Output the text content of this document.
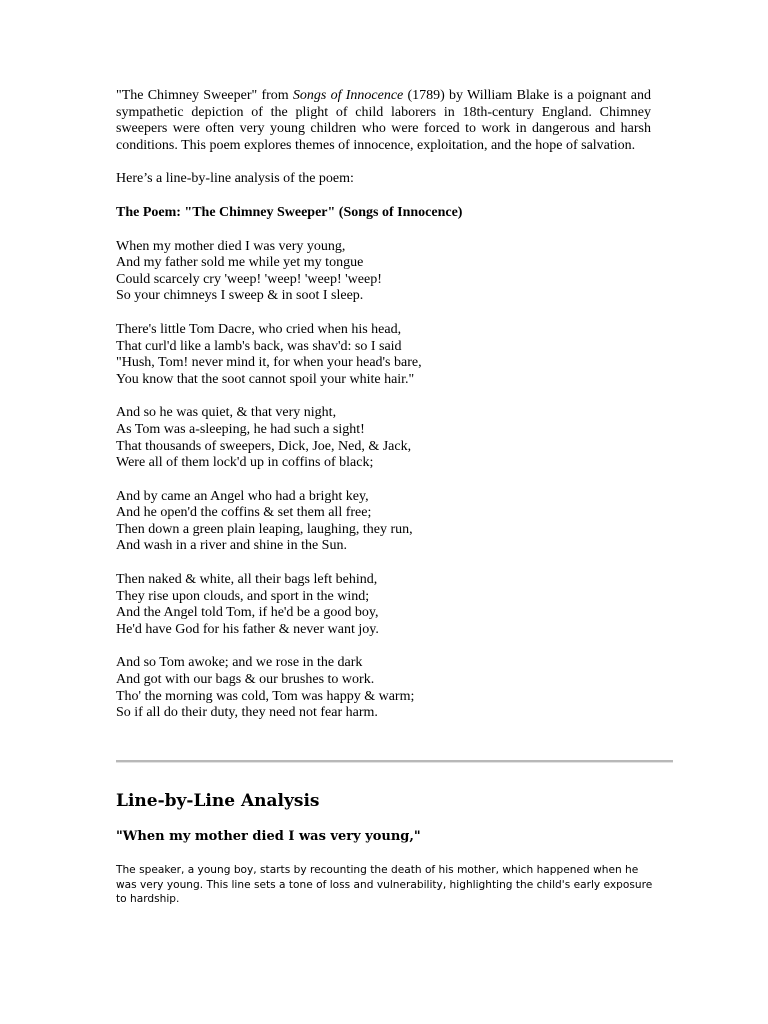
"The Chimney Sweeper" from Songs of Innocence (1789) by William Blake is a poignant and sympathetic depiction of the plight of child laborers in 18th-century England. Chimney sweepers were often very young children who were forced to work in dangerous and harsh conditions. This poem explores themes of innocence, exploitation, and the hope of salvation.

Here’s a line-by-line analysis of the poem:

The Poem: "The Chimney Sweeper" (Songs of Innocence)

When my mother died I was very young,
And my father sold me while yet my tongue
Could scarcely cry 'weep! 'weep! 'weep! 'weep!
So your chimneys I sweep & in soot I sleep.
There's little Tom Dacre, who cried when his head,
That curl'd like a lamb's back, was shav'd: so I said
"Hush, Tom! never mind it, for when your head's bare,
You know that the soot cannot spoil your white hair."
And so he was quiet, & that very night,
As Tom was a-sleeping, he had such a sight!
That thousands of sweepers, Dick, Joe, Ned, & Jack,
Were all of them lock'd up in coffins of black;
And by came an Angel who had a bright key,
And he open'd the coffins & set them all free;
Then down a green plain leaping, laughing, they run,
And wash in a river and shine in the Sun.
Then naked & white, all their bags left behind,
They rise upon clouds, and sport in the wind;
And the Angel told Tom, if he'd be a good boy,
He'd have God for his father & never want joy.
And so Tom awoke; and we rose in the dark
And got with our bags & our brushes to work.
Tho' the morning was cold, Tom was happy & warm;
So if all do their duty, they need not fear harm.
Line-by-Line Analysis
"When my mother died I was very young,"

The speaker, a young boy, starts by recounting the death of his mother, which happened when he was very young. This line sets a tone of loss and vulnerability, highlighting the child's early exposure to hardship.
